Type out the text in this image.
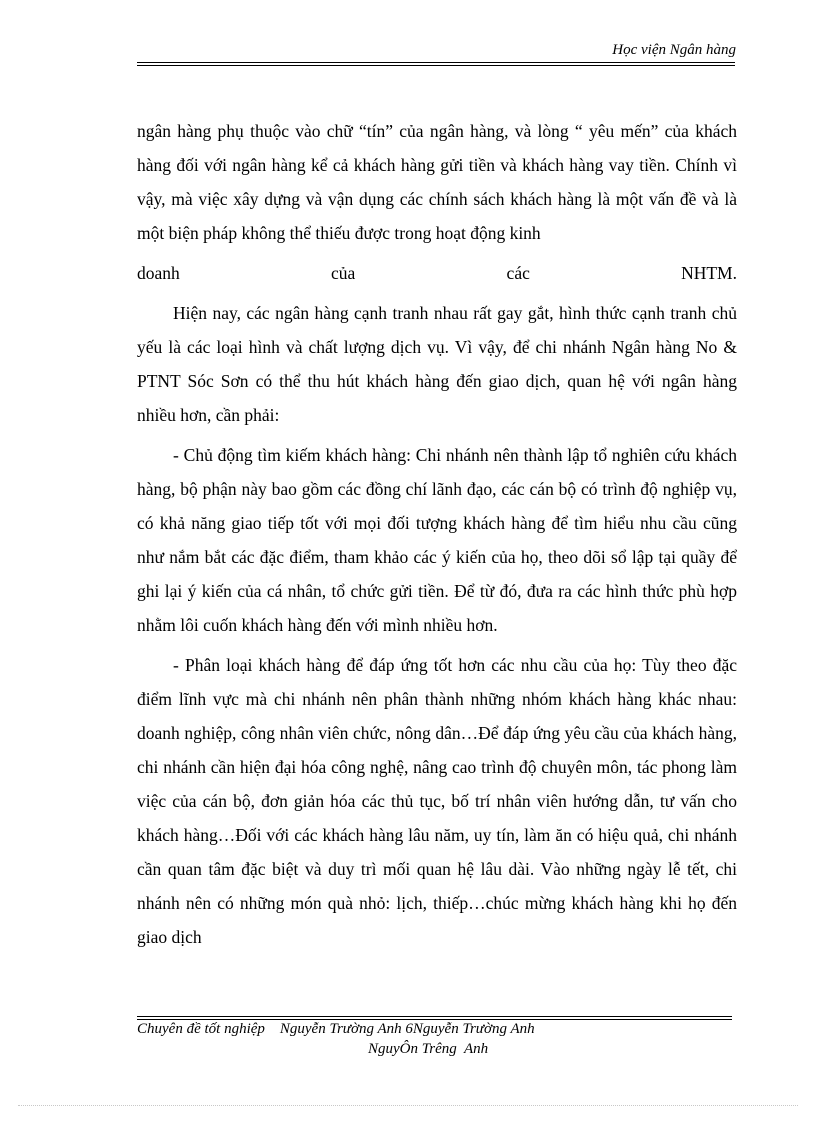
Học viện Ngân hàng

ngân hàng phụ thuộc vào chữ “tín” của ngân hàng, và lòng “ yêu mến” của khách hàng đối với ngân hàng kể cả khách hàng gửi tiền và khách hàng vay tiền. Chính vì vậy, mà việc xây dựng và vận dụng các chính sách khách hàng là một vấn đề và là một biện pháp không thể thiếu được trong hoạt động kinh

doanh	của	các	NHTM.

Hiện nay, các ngân hàng cạnh tranh nhau rất gay gắt, hình thức cạnh tranh chủ yếu là các loại hình và chất lượng dịch vụ. Vì vậy, để chi nhánh Ngân hàng No & PTNT Sóc Sơn có thể thu hút khách hàng đến giao dịch, quan hệ với ngân hàng nhiều hơn, cần phải:

- Chủ động tìm kiếm khách hàng: Chi nhánh nên thành lập tổ nghiên cứu khách hàng, bộ phận này bao gồm các đồng chí lãnh đạo, các cán bộ có trình độ nghiệp vụ, có khả năng giao tiếp tốt với mọi đối tượng khách hàng để tìm hiểu nhu cầu cũng như nắm bắt các đặc điểm, tham khảo các ý kiến của họ, theo dõi sổ lập tại quầy để ghi lại ý kiến của cá nhân, tổ chức gửi tiền. Để từ đó, đưa ra các hình thức phù hợp nhằm lôi cuốn khách hàng đến với mình nhiều hơn.

- Phân loại khách hàng để đáp ứng tốt hơn các nhu cầu của họ: Tùy theo đặc điểm lĩnh vực mà chi nhánh nên phân thành những nhóm khách hàng khác nhau: doanh nghiệp, công nhân viên chức, nông dân…Để đáp ứng yêu cầu của khách hàng, chi nhánh cần hiện đại hóa công nghệ, nâng cao trình độ chuyên môn, tác phong làm việc của cán bộ, đơn giản hóa các thủ tục, bố trí nhân viên hướng dẫn, tư vấn cho khách hàng…Đối với các khách hàng lâu năm, uy tín, làm ăn có hiệu quả, chi nhánh cần quan tâm đặc biệt và duy trì mối quan hệ lâu dài. Vào những ngày lễ tết, chi nhánh nên có những món quà nhỏ: lịch, thiếp…chúc mừng khách hàng khi họ đến giao dịch

Chuyên đề tốt nghiệp    Nguyễn Trường Anh 6Nguyễn Trường Anh
NguyÔn Trêng  Anh
